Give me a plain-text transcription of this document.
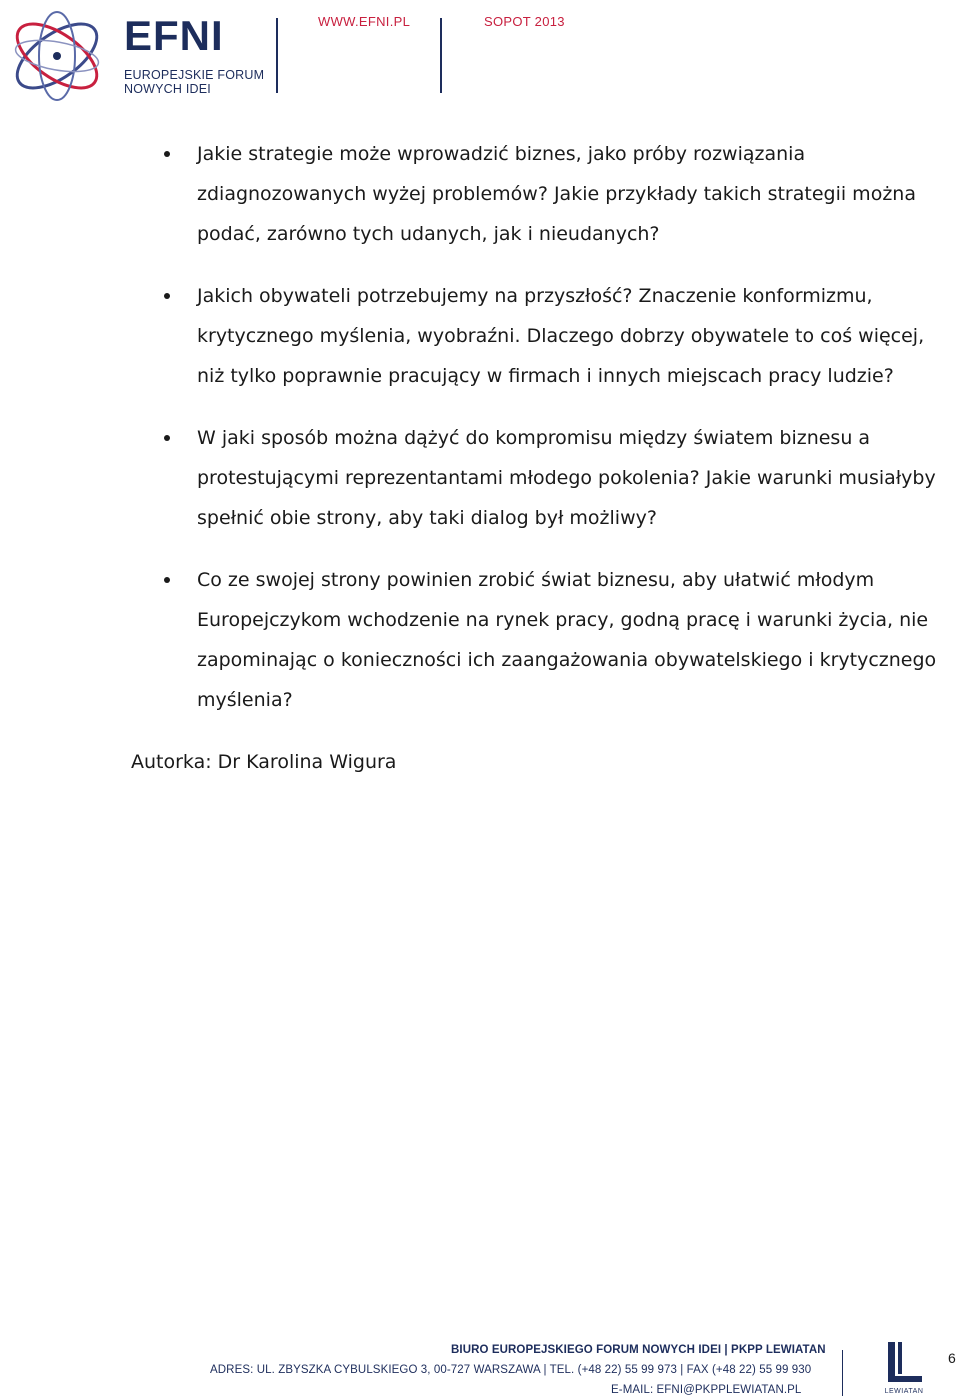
EFNI
EUROPEJSKIE FORUM
NOWYCH IDEI
WWW.EFNI.PL	SOPOT 2013
Jakie strategie może wprowadzić biznes, jako próby rozwiązania zdiagnozowanych wyżej problemów? Jakie przykłady takich strategii można podać, zarówno tych udanych, jak i nieudanych?
Jakich obywateli potrzebujemy na przyszłość? Znaczenie konformizmu, krytycznego myślenia, wyobraźni. Dlaczego dobrzy obywatele to coś więcej, niż tylko poprawnie pracujący w firmach i innych miejscach pracy ludzie?
W jaki sposób można dążyć do kompromisu między światem biznesu a protestującymi reprezentantami młodego pokolenia? Jakie warunki musiałyby spełnić obie strony, aby taki dialog był możliwy?
Co ze swojej strony powinien zrobić świat biznesu, aby ułatwić młodym Europejczykom wchodzenie na rynek pracy, godną pracę i warunki życia, nie zapominając o konieczności ich zaangażowania obywatelskiego i krytycznego myślenia?
Autorka: Dr Karolina Wigura
BIURO EUROPEJSKIEGO FORUM NOWYCH IDEI | PKPP LEWIATAN
ADRES: UL. ZBYSZKA CYBULSKIEGO 3, 00-727 WARSZAWA | TEL. (+48 22) 55 99 973 | FAX (+48 22) 55 99 930
E-MAIL: EFNI@PKPPLEWIATAN.PL	LEWIATAN
6
